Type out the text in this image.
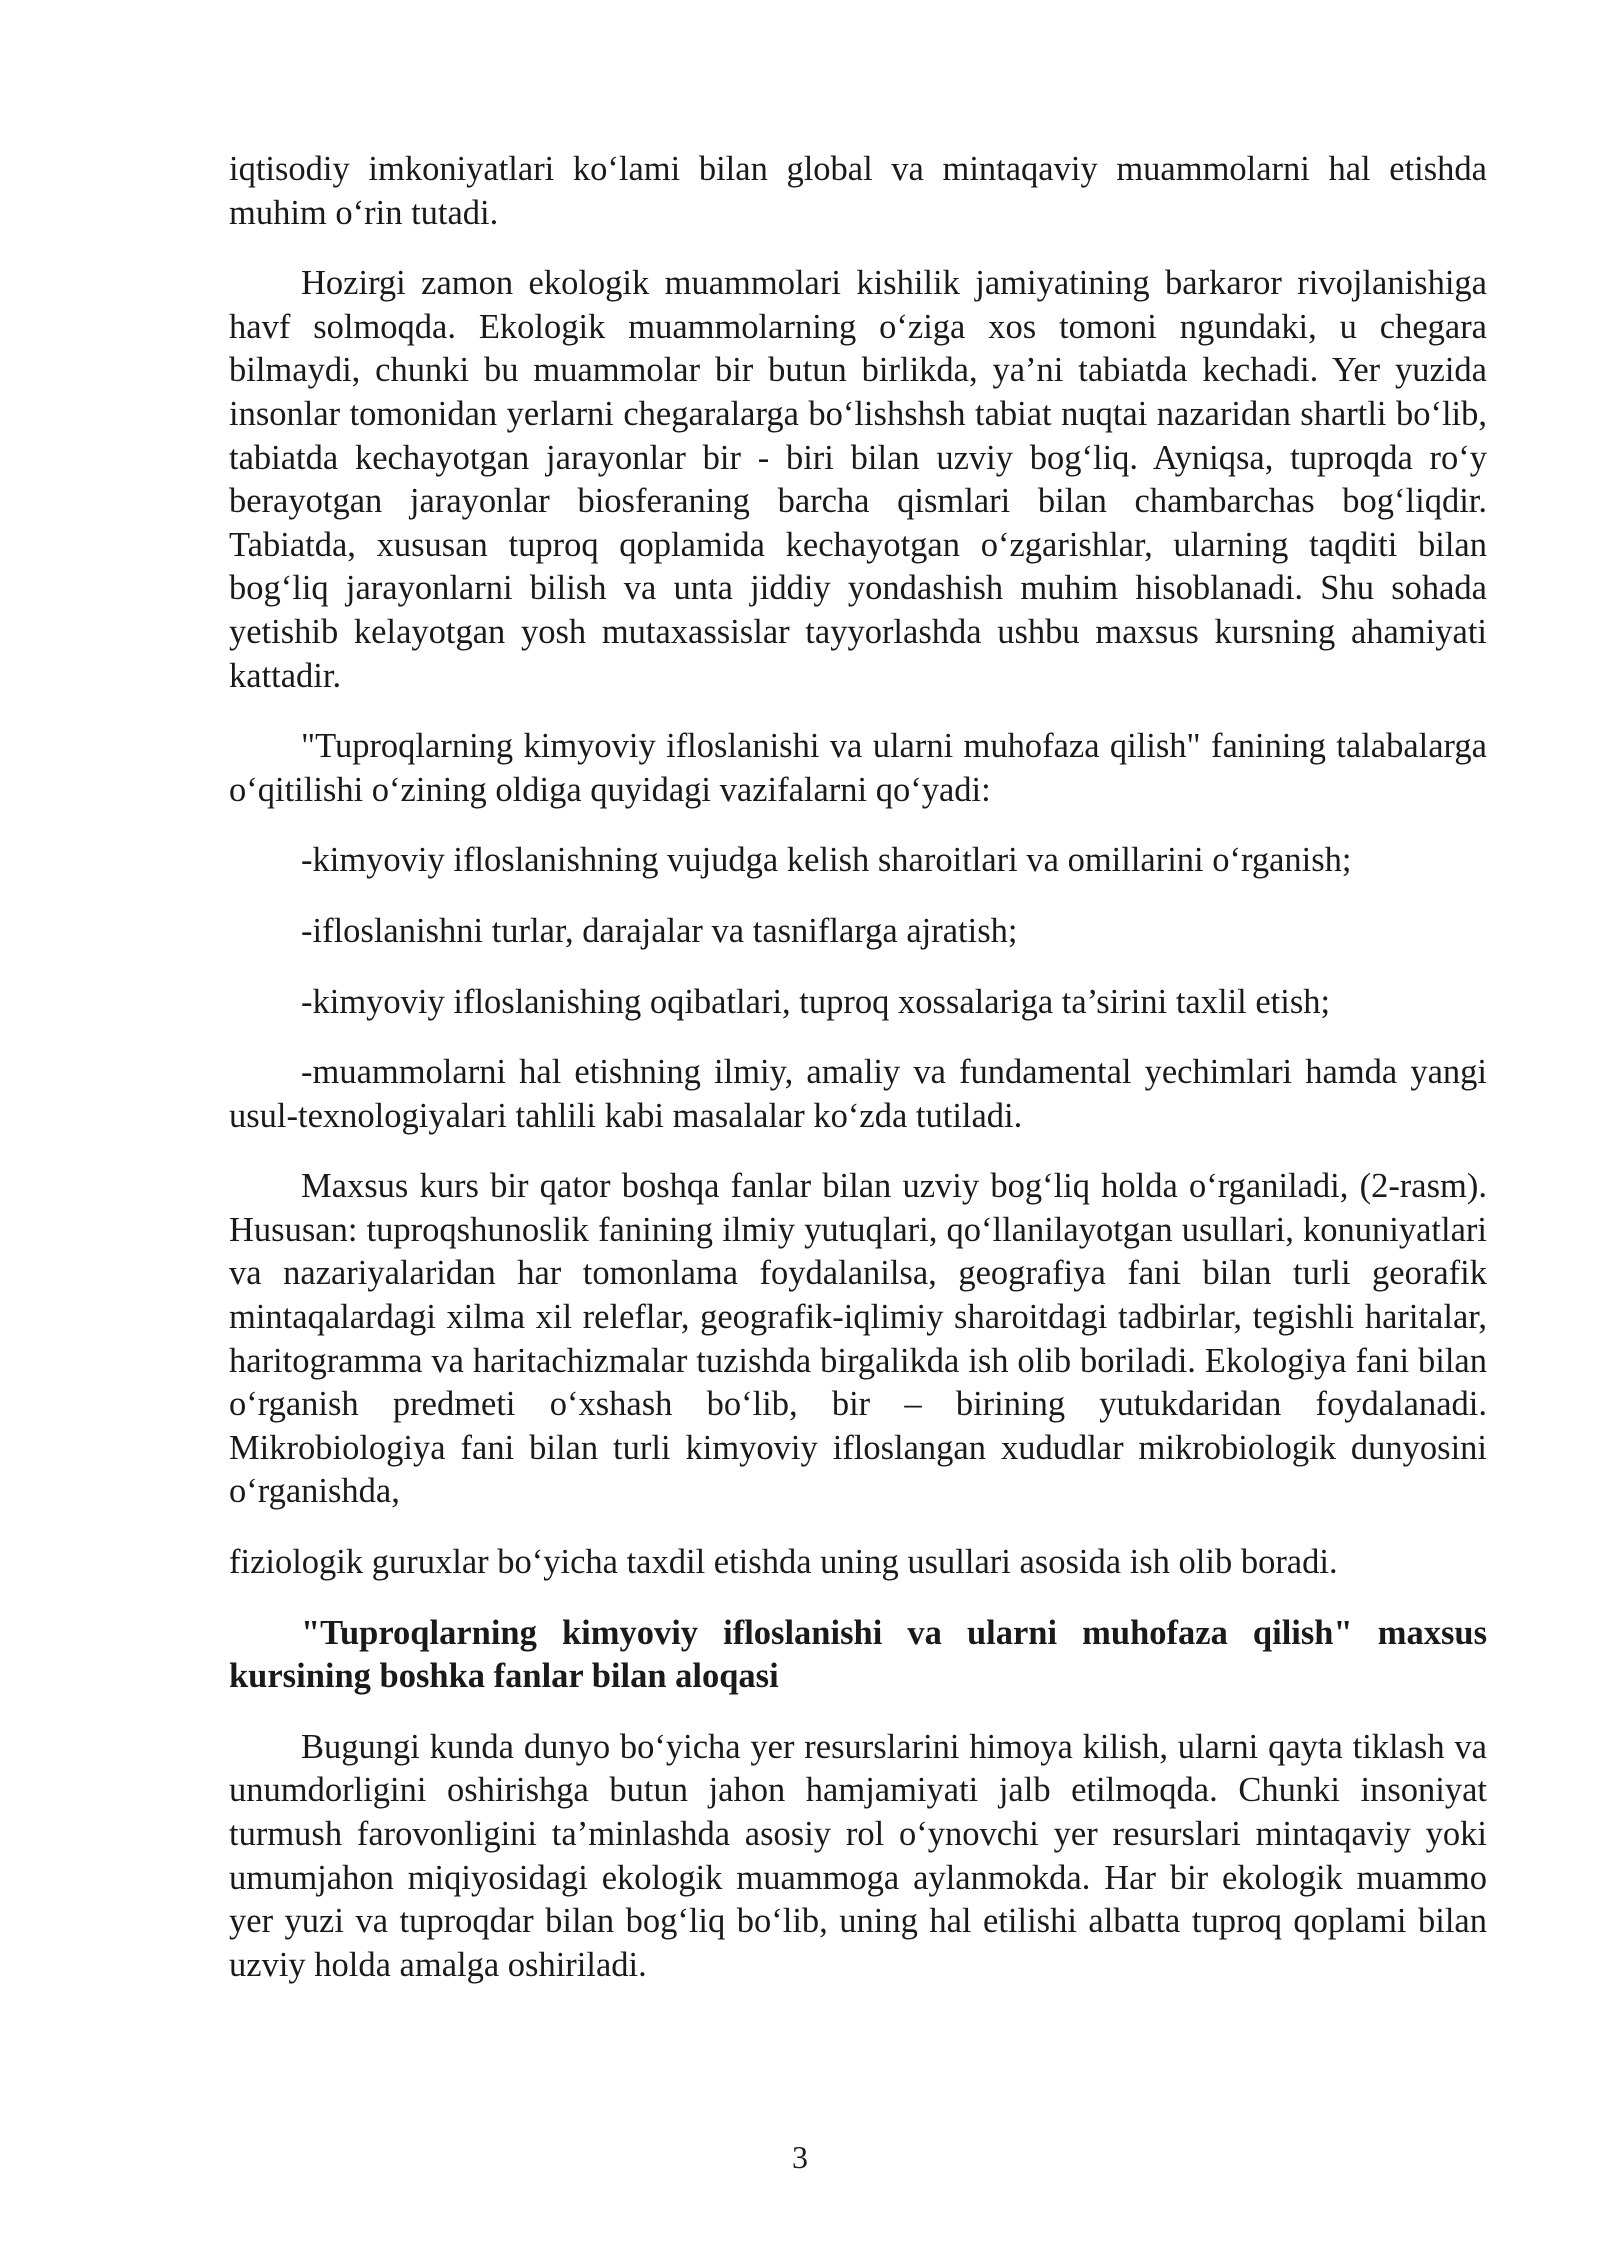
iqtisodiy imkoniyatlari ko‘lami bilan global va mintaqaviy muammolarni hal etishda muhim o‘rin tutadi.

Hozirgi zamon ekologik muammolari kishilik jamiyatining barkaror rivojlanishiga havf solmoqda. Ekologik muammolarning o‘ziga xos tomoni ngundaki, u chegara bilmaydi, chunki bu muammolar bir butun birlikda, ya’ni tabiatda kechadi. Yer yuzida insonlar tomonidan yerlarni chegaralarga bo‘lishshsh tabiat nuqtai nazaridan shartli bo‘lib, tabiatda kechayotgan jarayonlar bir - biri bilan uzviy bog‘liq. Ayniqsa, tuproqda ro‘y berayotgan jarayonlar biosferaning barcha qismlari bilan chambarchas bog‘liqdir. Tabiatda, xususan tuproq qoplamida kechayotgan o‘zgarishlar, ularning taqditi bilan bog‘liq jarayonlarni bilish va unta jiddiy yondashish muhim hisoblanadi. Shu sohada yetishib kelayotgan yosh mutaxassislar tayyorlashda ushbu maxsus kursning ahamiyati kattadir.

"Tuproqlarning kimyoviy ifloslanishi va ularni muhofaza qilish" fanining talabalarga o‘qitilishi o‘zining oldiga quyidagi vazifalarni qo‘yadi:

-kimyoviy ifloslanishning vujudga kelish sharoitlari va omillarini o‘rganish;

-ifloslanishni turlar, darajalar va tasniflarga ajratish;

-kimyoviy ifloslanishing oqibatlari, tuproq xossalariga ta’sirini taxlil etish;

-muammolarni hal etishning ilmiy, amaliy va fundamental yechimlari hamda yangi usul-texnologiyalari tahlili kabi masalalar ko‘zda tutiladi.

Maxsus kurs bir qator boshqa fanlar bilan uzviy bog‘liq holda o‘rganiladi, (2-rasm). Hususan: tuproqshunoslik fanining ilmiy yutuqlari, qo‘llanilayotgan usullari, konuniyatlari va nazariyalaridan har tomonlama foydalanilsa, geografiya fani bilan turli georafik mintaqalardagi xilma xil releflar, geografik-iqlimiy sharoitdagi tadbirlar, tegishli haritalar, haritogramma va haritachizmalar tuzishda birgalikda ish olib boriladi. Ekologiya fani bilan o‘rganish predmeti o‘xshash bo‘lib, bir – birining yutukdaridan foydalanadi. Mikrobiologiya fani bilan turli kimyoviy ifloslangan xududlar mikrobiologik dunyosini o‘rganishda,

fiziologik guruxlar bo‘yicha taxdil etishda uning usullari asosida ish olib boradi.

"Tuproqlarning kimyoviy ifloslanishi va ularni muhofaza qilish" maxsus kursining boshka fanlar bilan aloqasi

Bugungi kunda dunyo bo‘yicha yer resurslarini himoya kilish, ularni qayta tiklash va unumdorligini oshirishga butun jahon hamjamiyati jalb etilmoqda. Chunki insoniyat turmush farovonligini ta’minlashda asosiy rol o‘ynovchi yer resurslari mintaqaviy yoki umumjahon miqiyosidagi ekologik muammoga aylanmokda. Har bir ekologik muammo yer yuzi va tuproqdar bilan bog‘liq bo‘lib, uning hal etilishi albatta tuproq qoplami bilan uzviy holda amalga oshiriladi.

3
